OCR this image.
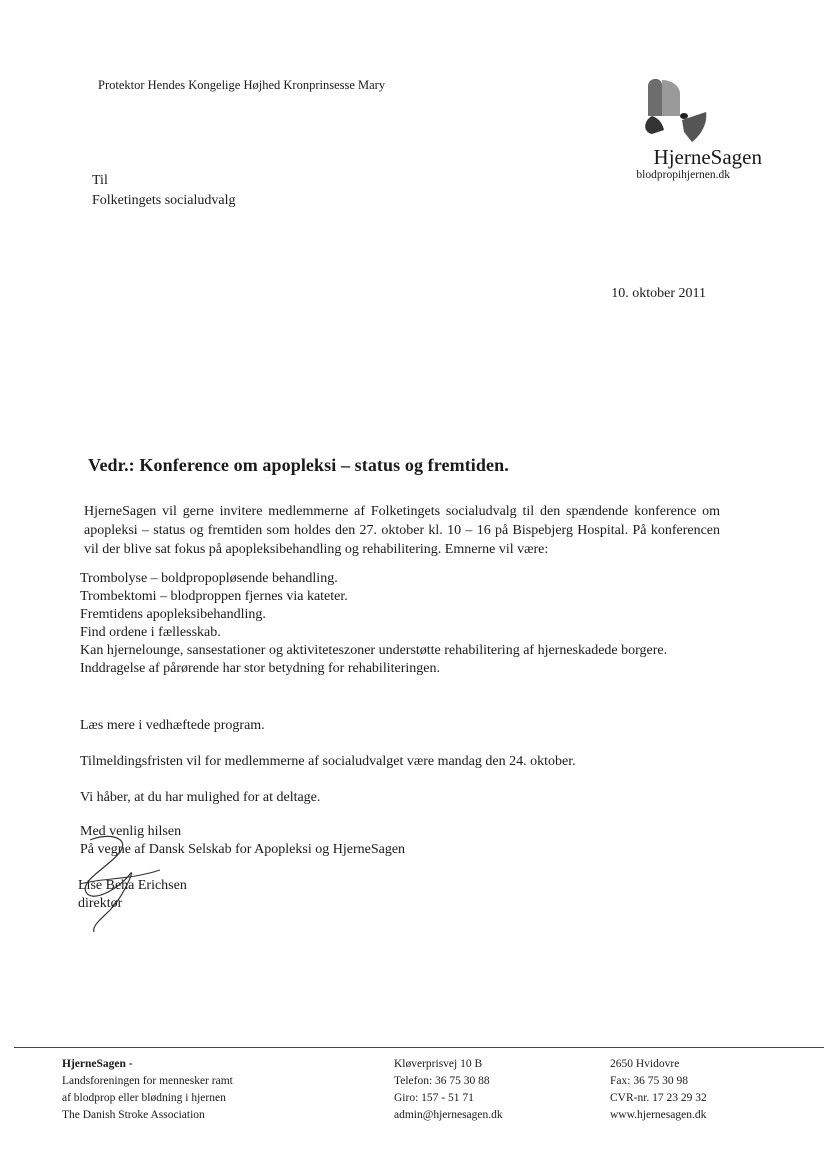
Protektor Hendes Kongelige Højhed Kronprinsesse Mary
HjerneSagen
blodpropihjernen.dk
Til
Folketingets socialudvalg
10. oktober 2011
Vedr.: Konference om apopleksi – status og fremtiden.
HjerneSagen vil gerne invitere medlemmerne af Folketingets socialudvalg til den spændende konference om apopleksi – status og fremtiden som holdes den 27. oktober kl. 10 – 16 på Bispebjerg Hospital. På konferencen vil der blive sat fokus på apopleksibehandling og rehabilitering. Emnerne vil være:
Trombolyse – boldpropopløsende behandling.
Trombektomi – blodproppen fjernes via kateter.
Fremtidens apopleksibehandling.
Find ordene i fællesskab.
Kan hjernelounge, sansestationer og aktiviteteszoner understøtte rehabilitering af hjerneskadede borgere.
Inddragelse af pårørende har stor betydning for rehabiliteringen.
Læs mere i vedhæftede program.
Tilmeldingsfristen vil for medlemmerne af socialudvalget være mandag den 24. oktober.
Vi håber, at du har mulighed for at deltage.
Med venlig hilsen
På vegne af Dansk Selskab for Apopleksi og HjerneSagen
Lise Beha Erichsen
direktør
HjerneSagen -
Landsforeningen for mennesker ramt
af blodprop eller blødning i hjernen
The Danish Stroke Association
Kløverprisvej 10 B
Telefon: 36 75 30 88
Giro: 157 - 51 71
admin@hjernesagen.dk
2650 Hvidovre
Fax: 36 75 30 98
CVR-nr. 17 23 29 32
www.hjernesagen.dk
